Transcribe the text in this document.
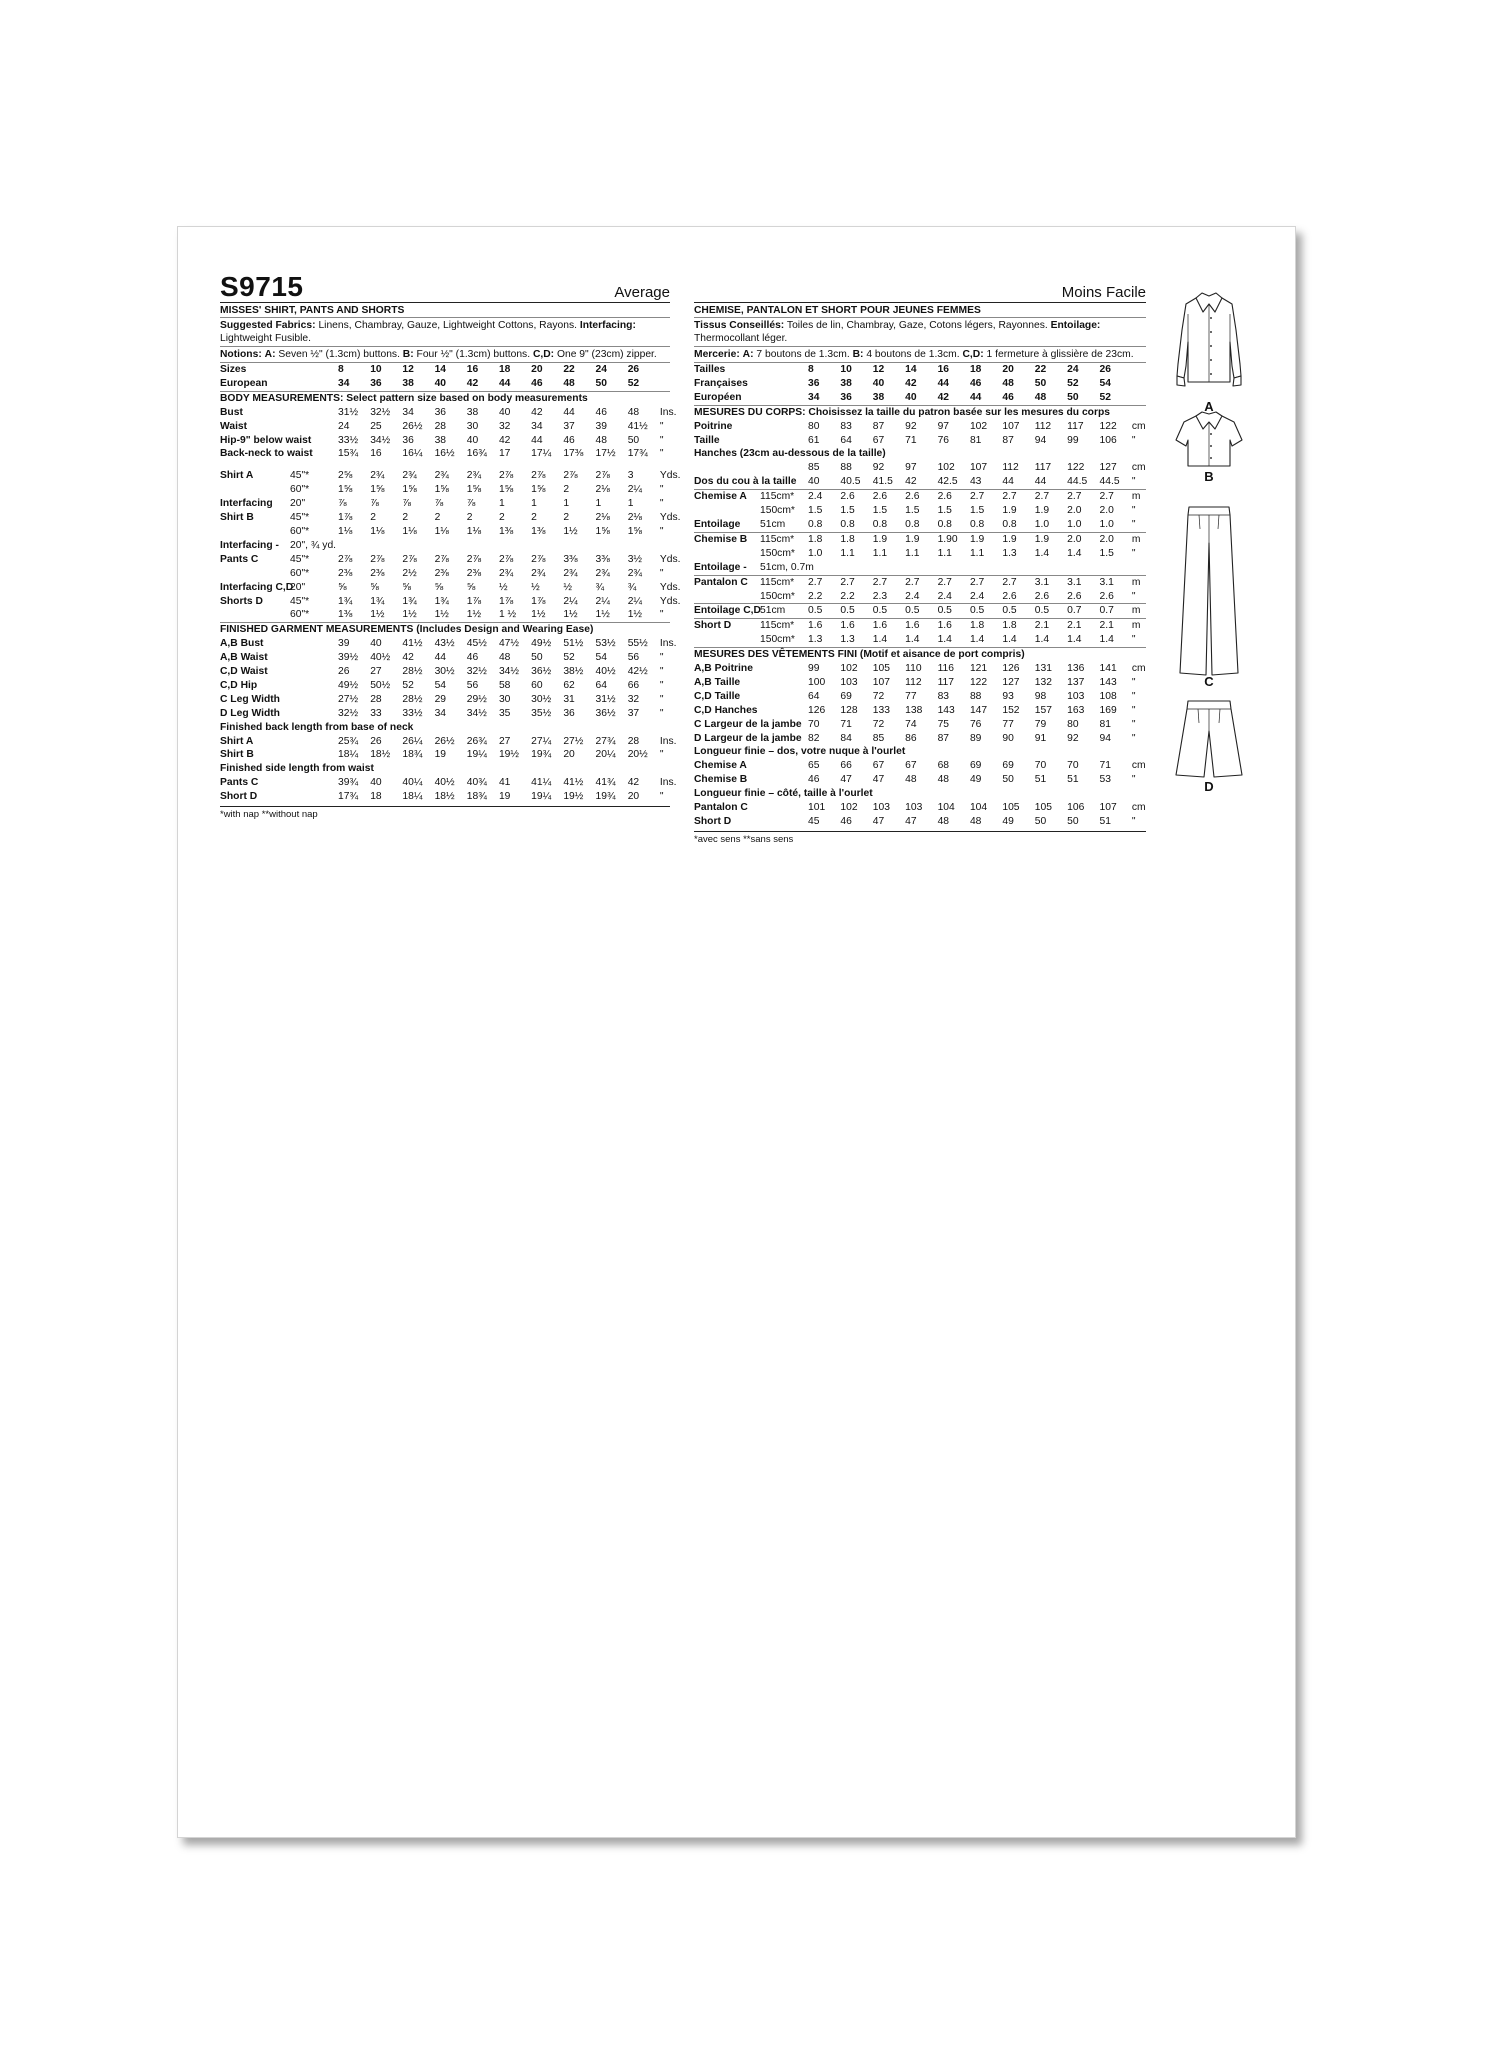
S9715	Average
MISSES' SHIRT, PANTS AND SHORTS
Suggested Fabrics: Linens, Chambray, Gauze, Lightweight Cottons, Rayons. Interfacing: Lightweight Fusible.
Notions: A: Seven ½" (1.3cm) buttons. B: Four ½" (1.3cm) buttons. C,D: One 9" (23cm) zipper.
Sizes		8	10	12	14	16	18	20	22	24	26	
European		34	36	38	40	42	44	46	48	50	52	
BODY MEASUREMENTS: Select pattern size based on body measurements												
Bust		31½	32½	34	36	38	40	42	44	46	48	Ins.
Waist		24	25	26½	28	30	32	34	37	39	41½	"
Hip-9" below waist		33½	34½	36	38	40	42	44	46	48	50	"
Back-neck to waist		15¾	16	16¼	16½	16¾	17	17¼	17⅜	17½	17¾	"

Shirt A	45"*	2⅝	2¾	2¾	2¾	2¾	2⅞	2⅞	2⅞	2⅞	3	Yds.
	60"*	1⅝	1⅝	1⅝	1⅝	1⅝	1⅝	1⅝	2	2⅛	2¼	"
Interfacing	20"	⅞	⅞	⅞	⅞	⅞	1	1	1	1	1	"
Shirt B	45"*	1⅞	2	2	2	2	2	2	2	2⅛	2⅛	Yds.
	60"*	1⅛	1⅛	1⅛	1⅛	1⅛	1⅜	1⅜	1½	1⅝	1⅝	"
Interfacing -	20", ¾ yd.											
Pants C	45"*	2⅞	2⅞	2⅞	2⅞	2⅞	2⅞	2⅞	3⅜	3⅜	3½	Yds.
	60"*	2⅜	2⅜	2½	2⅜	2⅜	2¾	2¾	2¾	2¾	2¾	"
Interfacing C,D	20"	⅝	⅝	⅝	⅝	⅝	½	½	½	¾	¾	Yds.
Shorts D	45"*	1¾	1¾	1¾	1¾	1⅞	1⅞	1⅞	2¼	2¼	2¼	Yds.
	60"*	1⅜	1½	1½	1½	1½	1 ½	1½	1½	1½	1½	"
FINISHED GARMENT MEASUREMENTS (Includes Design and Wearing Ease)												
A,B Bust		39	40	41½	43½	45½	47½	49½	51½	53½	55½	Ins.
A,B Waist		39½	40½	42	44	46	48	50	52	54	56	"
C,D Waist		26	27	28½	30½	32½	34½	36½	38½	40½	42½	"
C,D Hip		49½	50½	52	54	56	58	60	62	64	66	"
C Leg Width		27½	28	28½	29	29½	30	30½	31	31½	32	"
D Leg Width		32½	33	33½	34	34½	35	35½	36	36½	37	"
Finished back length from base of neck												
Shirt A		25¾	26	26¼	26½	26¾	27	27¼	27½	27¾	28	Ins.
Shirt B		18¼	18½	18¾	19	19¼	19½	19¾	20	20¼	20½	"
Finished side length from waist												
Pants C		39¾	40	40¼	40½	40¾	41	41¼	41½	41¾	42	Ins.
Short D		17¾	18	18¼	18½	18¾	19	19¼	19½	19¾	20	"
*with nap **without nap
Moins Facile
CHEMISE, PANTALON ET SHORT POUR JEUNES FEMMES
Tissus Conseillés: Toiles de lin, Chambray, Gaze, Cotons légers, Rayonnes. Entoilage: Thermocollant léger.
Mercerie: A: 7 boutons de 1.3cm. B: 4 boutons de 1.3cm. C,D: 1 fermeture à glissière de 23cm.
Tailles		8	10	12	14	16	18	20	22	24	26	
Françaises		36	38	40	42	44	46	48	50	52	54	
Européen		34	36	38	40	42	44	46	48	50	52	
MESURES DU CORPS: Choisissez la taille du patron basée sur les mesures du corps												
Poitrine		80	83	87	92	97	102	107	112	117	122	cm
Taille		61	64	67	71	76	81	87	94	99	106	"
Hanches (23cm au-dessous de la taille)												
		85	88	92	97	102	107	112	117	122	127	cm
Dos du cou à la taille		40	40.5	41.5	42	42.5	43	44	44	44.5	44.5	"
Chemise A	115cm*	2.4	2.6	2.6	2.6	2.6	2.7	2.7	2.7	2.7	2.7	m
	150cm*	1.5	1.5	1.5	1.5	1.5	1.5	1.9	1.9	2.0	2.0	"
Entoilage	51cm	0.8	0.8	0.8	0.8	0.8	0.8	0.8	1.0	1.0	1.0	"
Chemise B	115cm*	1.8	1.8	1.9	1.9	1.90	1.9	1.9	1.9	2.0	2.0	m
	150cm*	1.0	1.1	1.1	1.1	1.1	1.1	1.3	1.4	1.4	1.5	"
Entoilage -	51cm, 0.7m											
Pantalon C	115cm*	2.7	2.7	2.7	2.7	2.7	2.7	2.7	3.1	3.1	3.1	m
	150cm*	2.2	2.2	2.3	2.4	2.4	2.4	2.6	2.6	2.6	2.6	"
Entoilage C,D	51cm	0.5	0.5	0.5	0.5	0.5	0.5	0.5	0.5	0.7	0.7	m
Short D	115cm*	1.6	1.6	1.6	1.6	1.6	1.8	1.8	2.1	2.1	2.1	m
	150cm*	1.3	1.3	1.4	1.4	1.4	1.4	1.4	1.4	1.4	1.4	"
MESURES DES VÊTEMENTS FINI (Motif et aisance de port compris)												
A,B Poitrine		99	102	105	110	116	121	126	131	136	141	cm
A,B Taille		100	103	107	112	117	122	127	132	137	143	"
C,D Taille		64	69	72	77	83	88	93	98	103	108	"
C,D Hanches		126	128	133	138	143	147	152	157	163	169	"
C Largeur de la jambe		70	71	72	74	75	76	77	79	80	81	"
D Largeur de la jambe		82	84	85	86	87	89	90	91	92	94	"
Longueur finie – dos, votre nuque à l'ourlet												
Chemise A		65	66	67	67	68	69	69	70	70	71	cm
Chemise B		46	47	47	48	48	49	50	51	51	53	"
Longueur finie – côté, taille à l'ourlet												
Pantalon C		101	102	103	103	104	104	105	105	106	107	cm
Short D		45	46	47	47	48	48	49	50	50	51	"
*avec sens **sans sens
A
B
C
D
